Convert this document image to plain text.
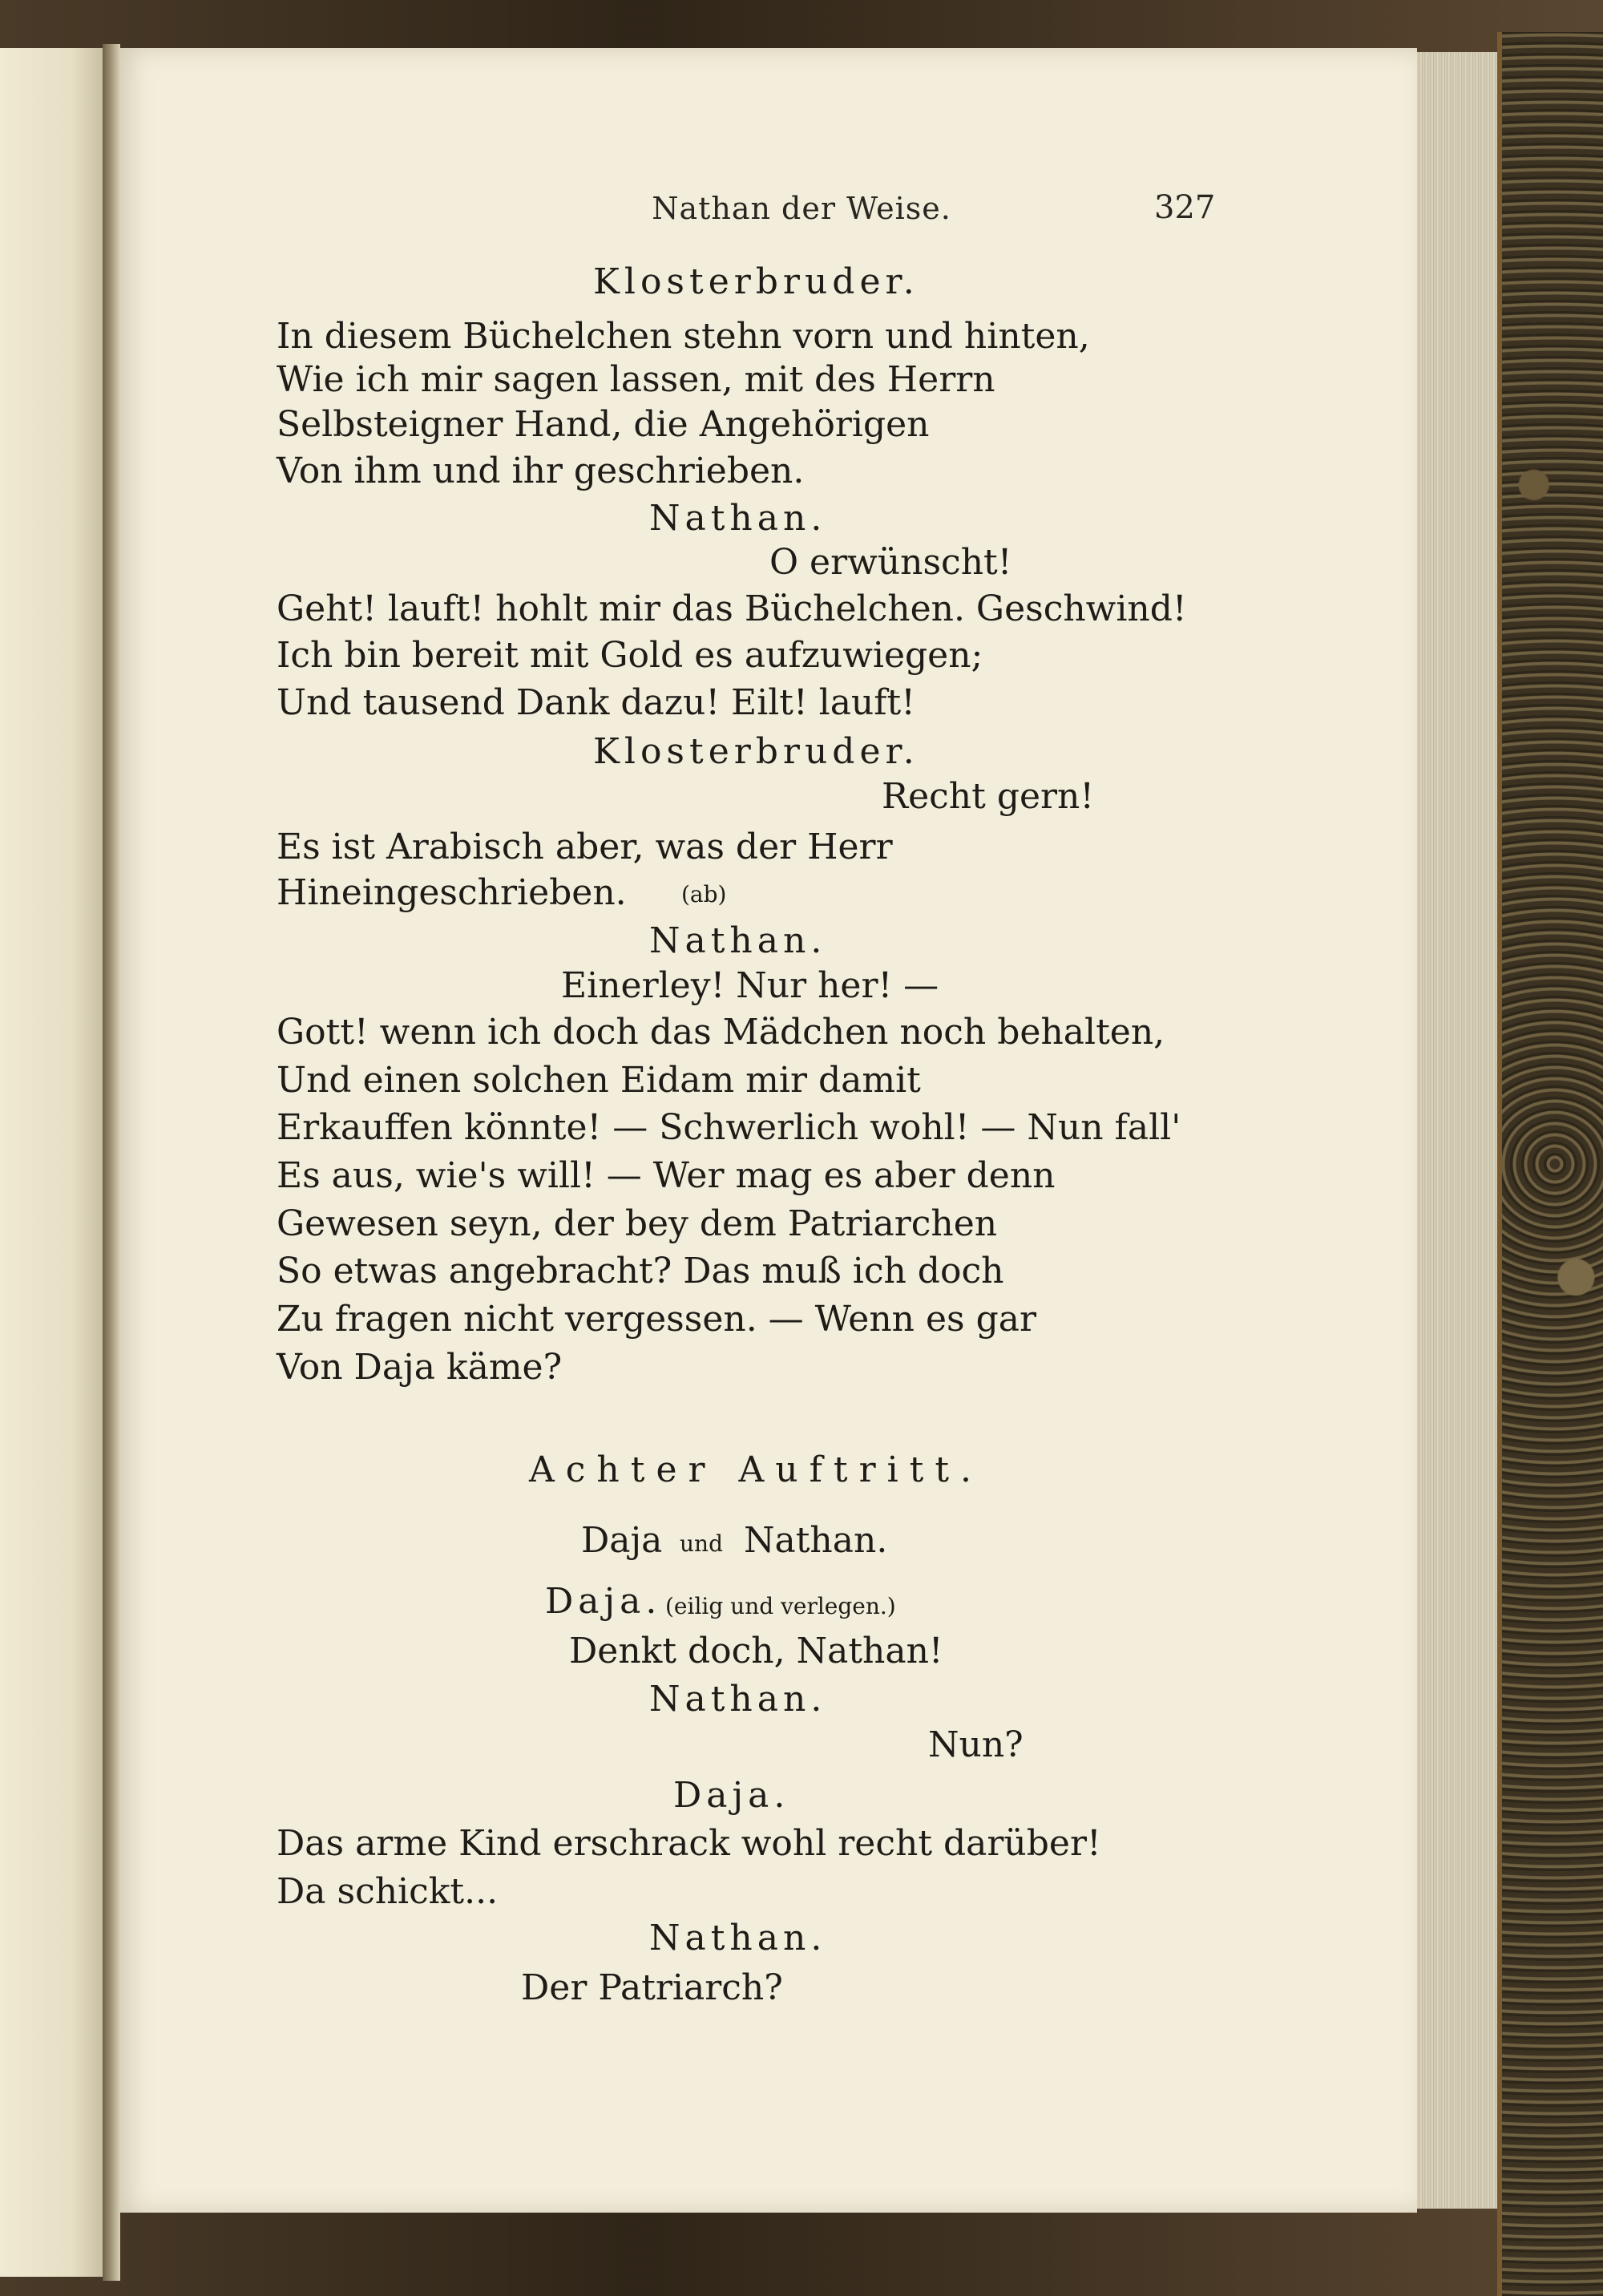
Nathan der Weise.	327
Klosterbruder.
In diesem Büchelchen stehn vorn und hinten,
Wie ich mir sagen lassen, mit des Herrn
Selbsteigner Hand, die Angehörigen
Von ihm und ihr geschrieben.
Nathan.
O erwünscht!
Geht! lauft! hohlt mir das Büchelchen. Geschwind!
Ich bin bereit mit Gold es aufzuwiegen;
Und tausend Dank dazu! Eilt! lauft!
Klosterbruder.
Recht gern!
Es ist Arabisch aber, was der Herr
Hineingeschrieben. (ab)
Nathan.
Einerley! Nur her! —
Gott! wenn ich doch das Mädchen noch behalten,
Und einen solchen Eidam mir damit
Erkauffen könnte! — Schwerlich wohl! — Nun fall'
Es aus, wie's will! — Wer mag es aber denn
Gewesen seyn, der bey dem Patriarchen
So etwas angebracht? Das muß ich doch
Zu fragen nicht vergessen. — Wenn es gar
Von Daja käme?
Achter Auftritt.
Daja und Nathan.
Daja. (eilig und verlegen.)
Denkt doch, Nathan!
Nathan.
Nun?
Daja.
Das arme Kind erschrack wohl recht darüber!
Da schickt...
Nathan.
Der Patriarch?
